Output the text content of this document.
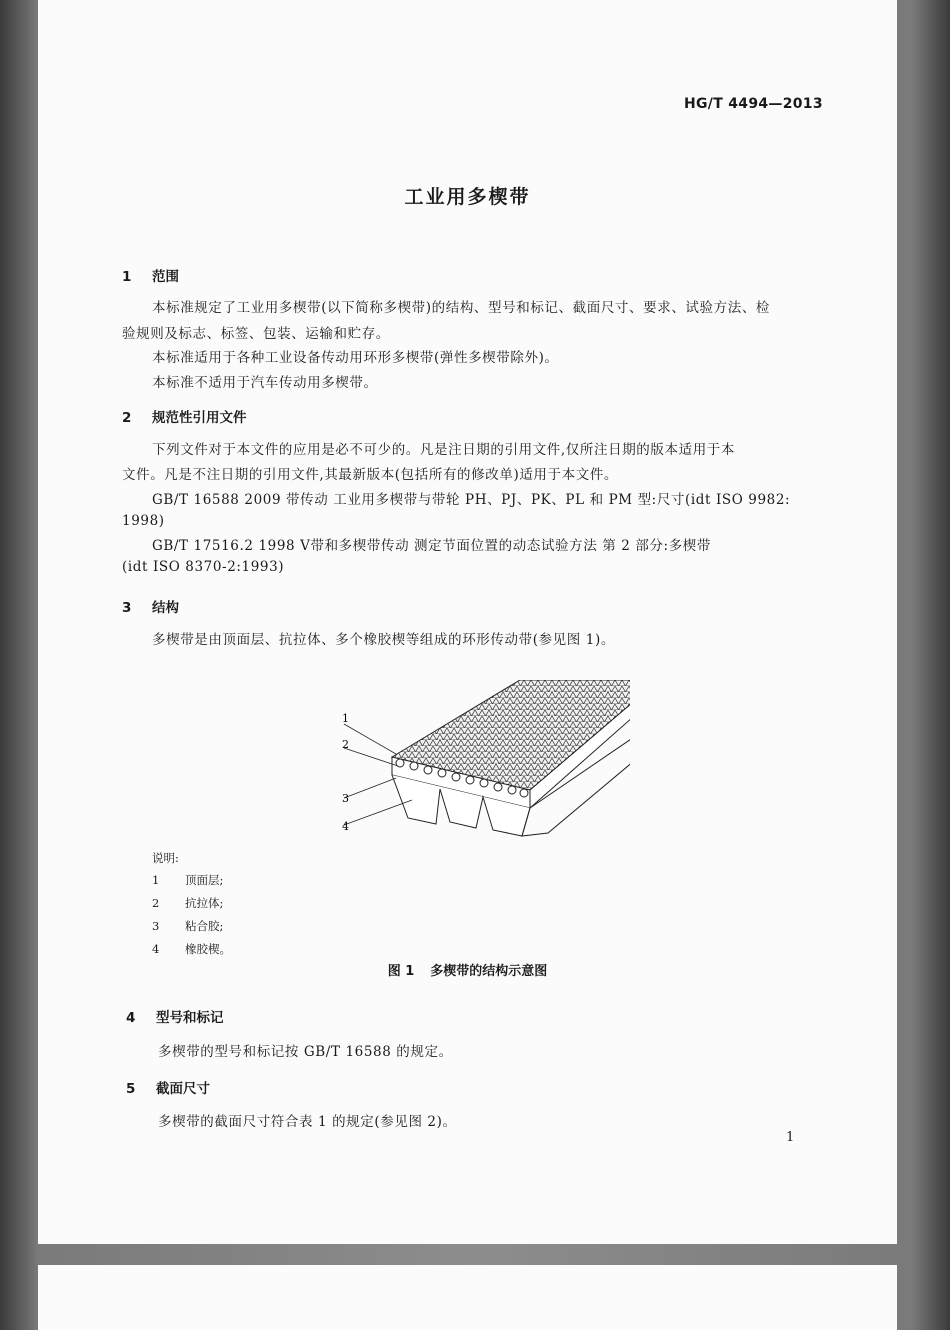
HG/T 4494—2013

工业用多楔带
1 范围

本标准规定了工业用多楔带(以下简称多楔带)的结构、型号和标记、截面尺寸、要求、试验方法、检

验规则及标志、标签、包装、运输和贮存。

本标准适用于各种工业设备传动用环形多楔带(弹性多楔带除外)。

本标准不适用于汽车传动用多楔带。

2 规范性引用文件

下列文件对于本文件的应用是必不可少的。凡是注日期的引用文件,仅所注日期的版本适用于本

文件。凡是不注日期的引用文件,其最新版本(包括所有的修改单)适用于本文件。

GB/T 16588 2009 带传动 工业用多楔带与带轮 PH、PJ、PK、PL 和 PM 型:尺寸(idt ISO 9982:

1998)

GB/T 17516.2 1998 V带和多楔带传动 测定节面位置的动态试验方法 第 2 部分:多楔带

(idt ISO 8370-2:1993)

3 结构

多楔带是由顶面层、抗拉体、多个橡胶楔等组成的环形传动带(参见图 1)。

1
2
3
4

说明:

1 顶面层;

2 抗拉体;

3 粘合胶;

4 橡胶楔。

图 1 多楔带的结构示意图

4 型号和标记

多楔带的型号和标记按 GB/T 16588 的规定。

5 截面尺寸

多楔带的截面尺寸符合表 1 的规定(参见图 2)。

1
